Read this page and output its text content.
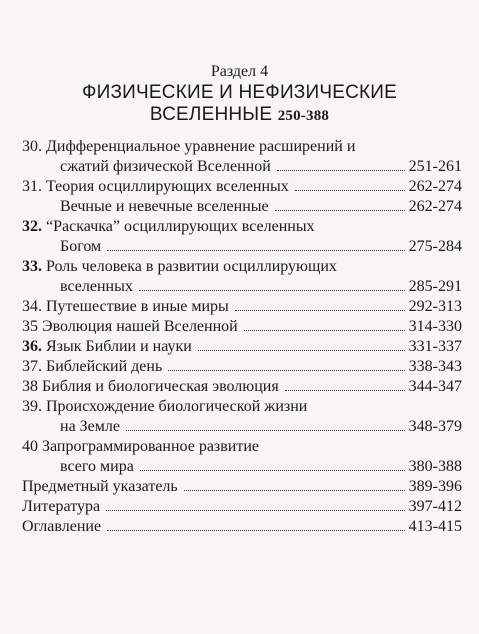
Раздел 4
ФИЗИЧЕСКИЕ И НЕФИЗИЧЕСКИЕ
ВСЕЛЕННЫЕ 250-388
30. Дифференциальное уравнение расширений и
сжатий физической Вселенной	251-261
31. Теория осциллирующих вселенных	262-274
Вечные и невечные вселенные	262-274
32. “Раскачка” осциллирующих вселенных
Богом	275-284
33. Роль человека в развитии осциллирующих
вселенных	285-291
34. Путешествие в иные миры	292-313
35 Эволюция нашей Вселенной	314-330
36. Язык Библии и науки	331-337
37. Библейский день	338-343
38 Библия и биологическая эволюция	344-347
39. Происхождение биологической жизни
на Земле	348-379
40 Запрограммированное развитие
всего мира	380-388
Предметный указатель	389-396
Литература	397-412
Оглавление	413-415
